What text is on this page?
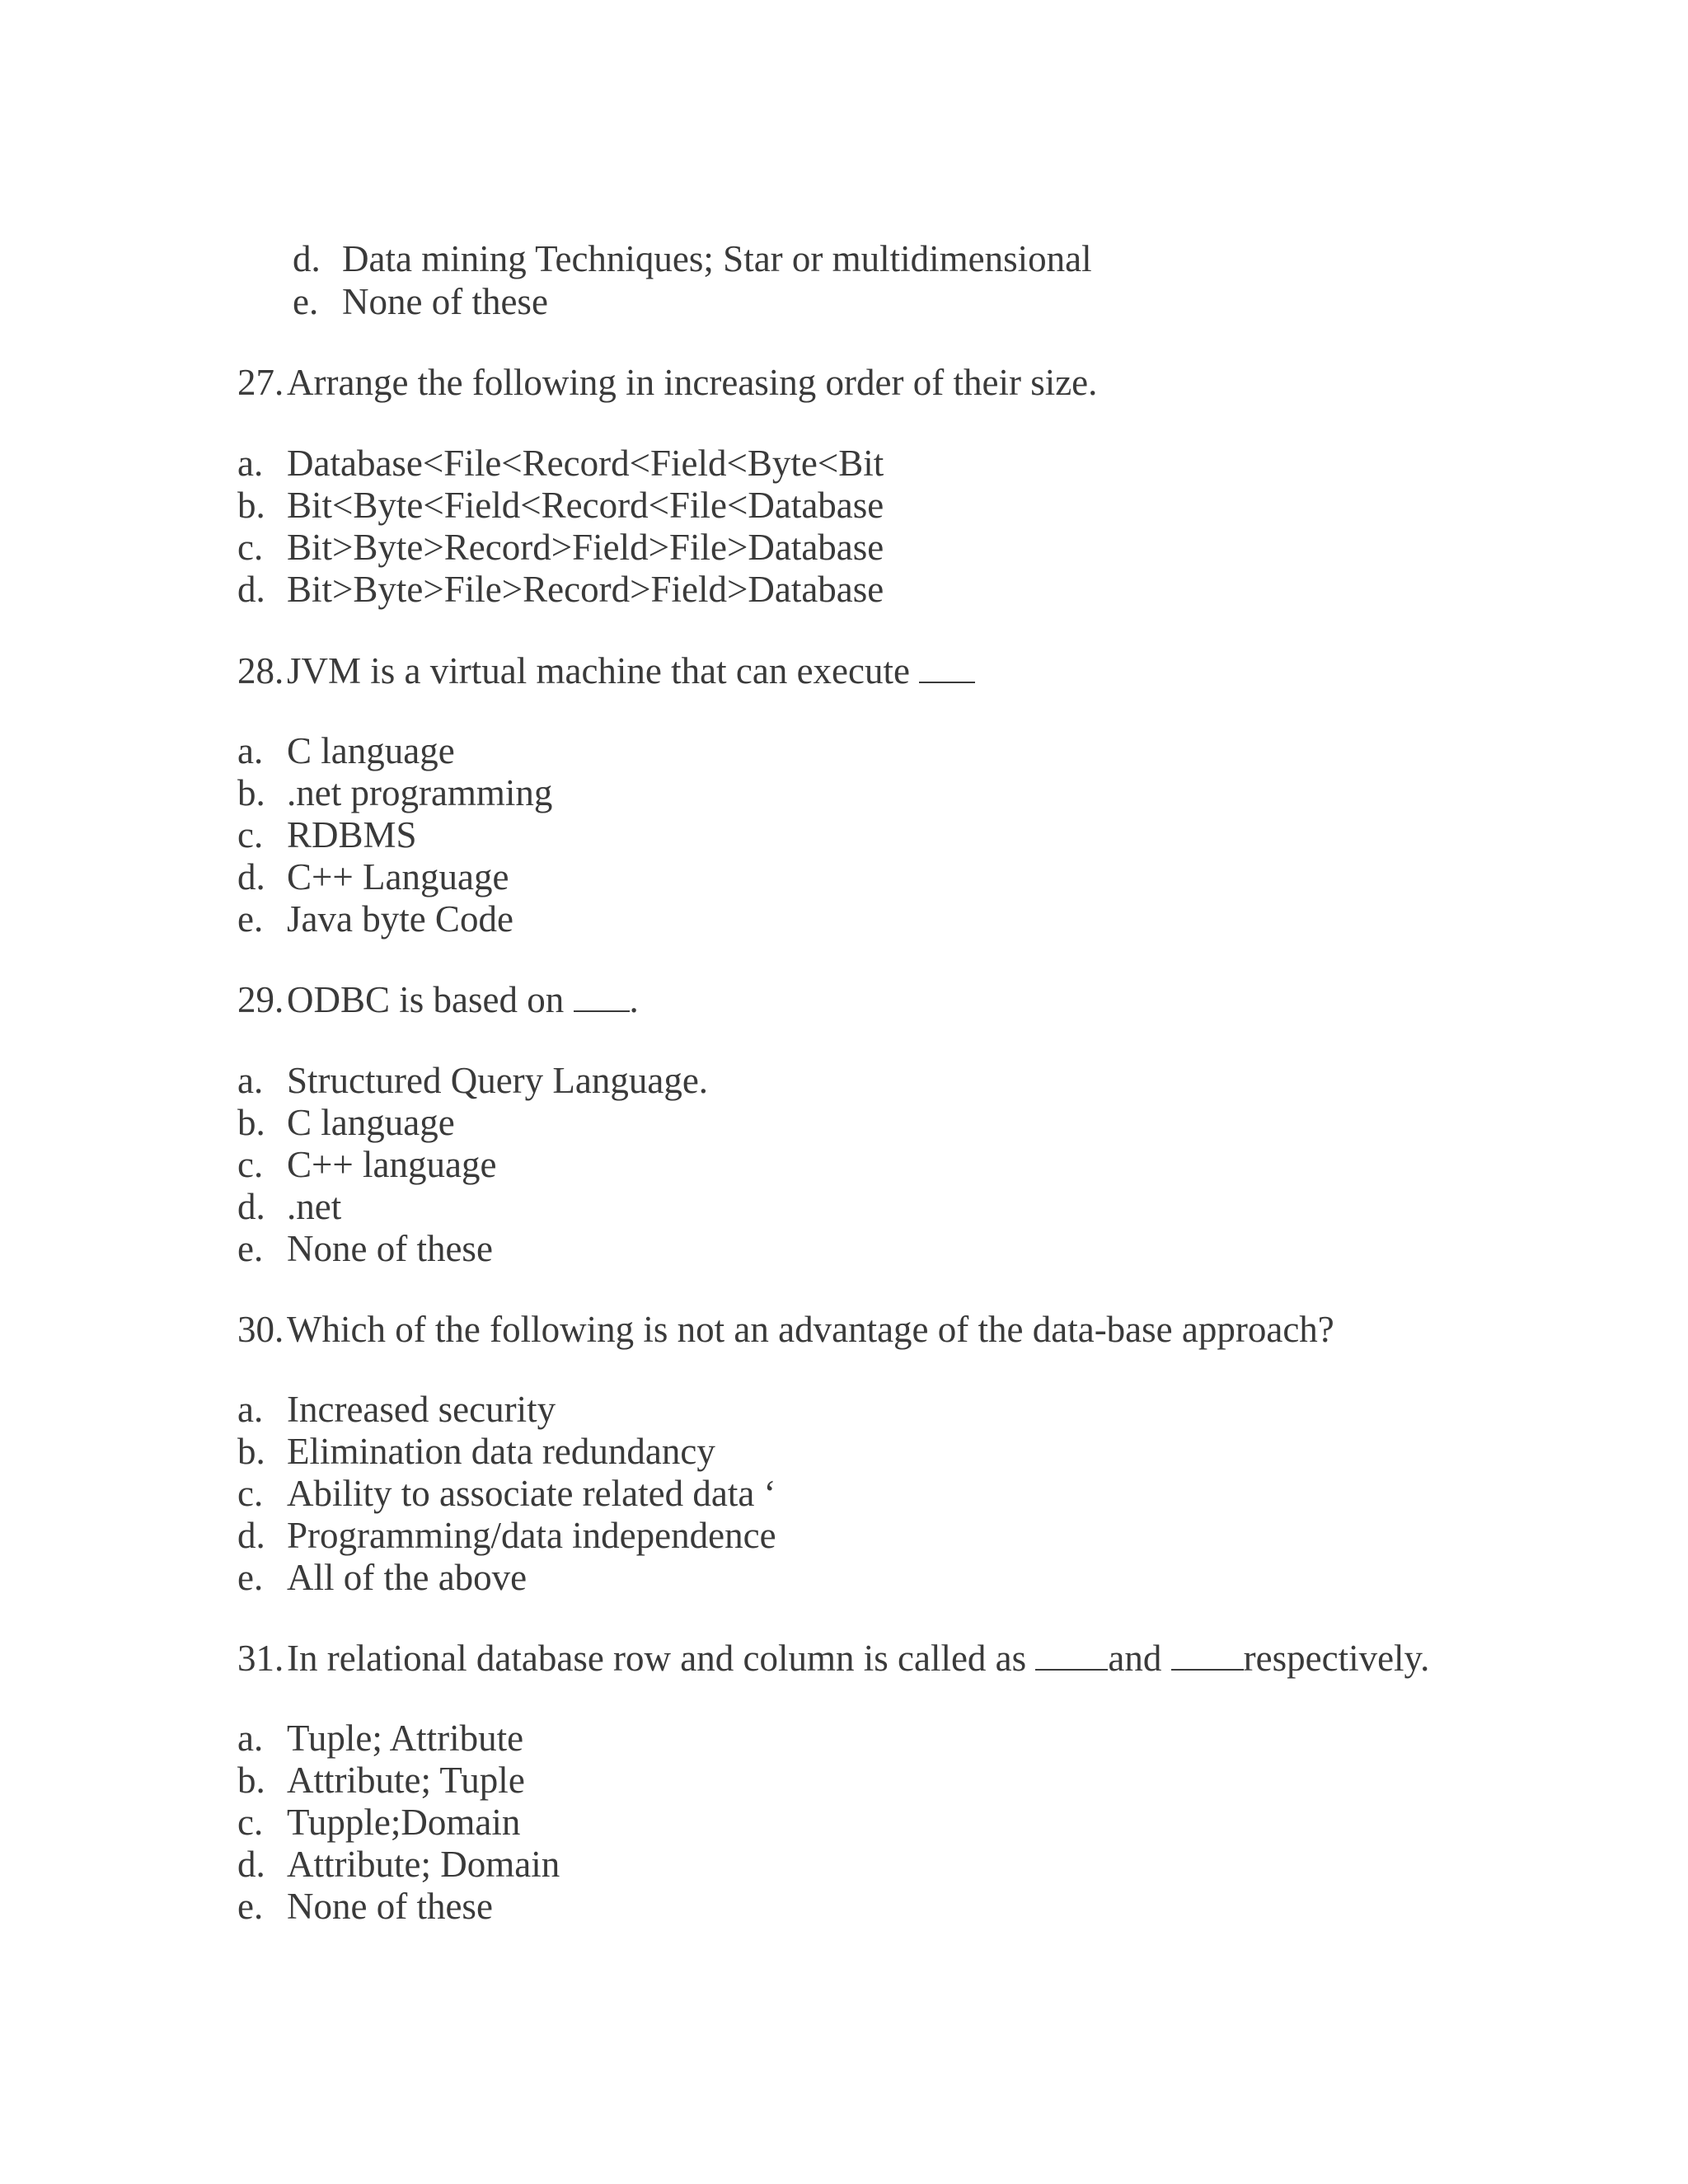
d. Data mining Techniques; Star or multidimensional

e. None of these

27.Arrange the following in increasing order of their size.

a. Database<File<Record<Field<Byte<Bit

b. Bit<Byte<Field<Record<File<Database

c. Bit>Byte>Record>Field>File>Database

d. Bit>Byte>File>Record>Field>Database

28.JVM is a virtual machine that can execute

a. C language

b. .net programming

c. RDBMS

d. C++ Language

e. Java byte Code

29.ODBC is based on .

a. Structured Query Language.

b. C language

c. C++ language

d. .net

e. None of these

30.Which of the following is not an advantage of the data-base approach?

a. Increased security

b. Elimination data redundancy

c. Ability to associate related data ‘

d. Programming/data independence

e. All of the above

31.In relational database row and column is called as and respectively.

a. Tuple; Attribute

b. Attribute; Tuple

c. Tupple;Domain

d. Attribute; Domain

e. None of these
